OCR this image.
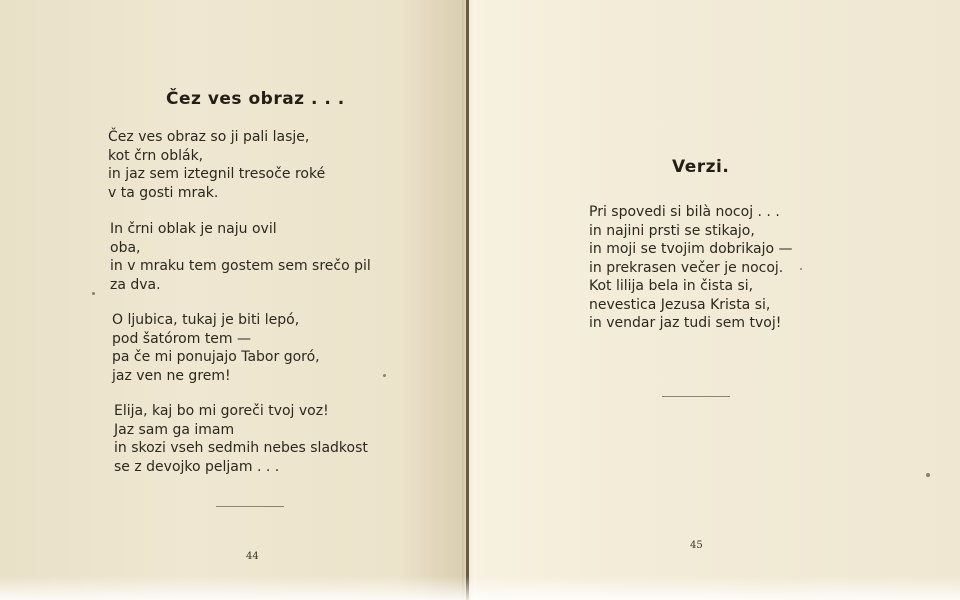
Čez ves obraz . . .
Čez ves obraz so ji pali lasje,
kot črn oblák,
in jaz sem iztegnil tresoče roké
v ta gosti mrak.
In črni oblak je naju ovil
oba,
in v mraku tem gostem sem srečo pil
za dva.
O ljubica, tukaj je biti lepó,
pod šatórom tem —
pa če mi ponujajo Tabor goró,
jaz ven ne grem!
Elija, kaj bo mi goreči tvoj voz!
Jaz sam ga imam
in skozi vseh sedmih nebes sladkost
se z devojko peljam . . .
44
Verzi.
Pri spovedi si bilà nocoj . . .
in najini prsti se stikajo,
in moji se tvojim dobrikajo —
in prekrasen večer je nocoj.
Kot lilija bela in čista si,
nevestica Jezusa Krista si,
in vendar jaz tudi sem tvoj!
45
